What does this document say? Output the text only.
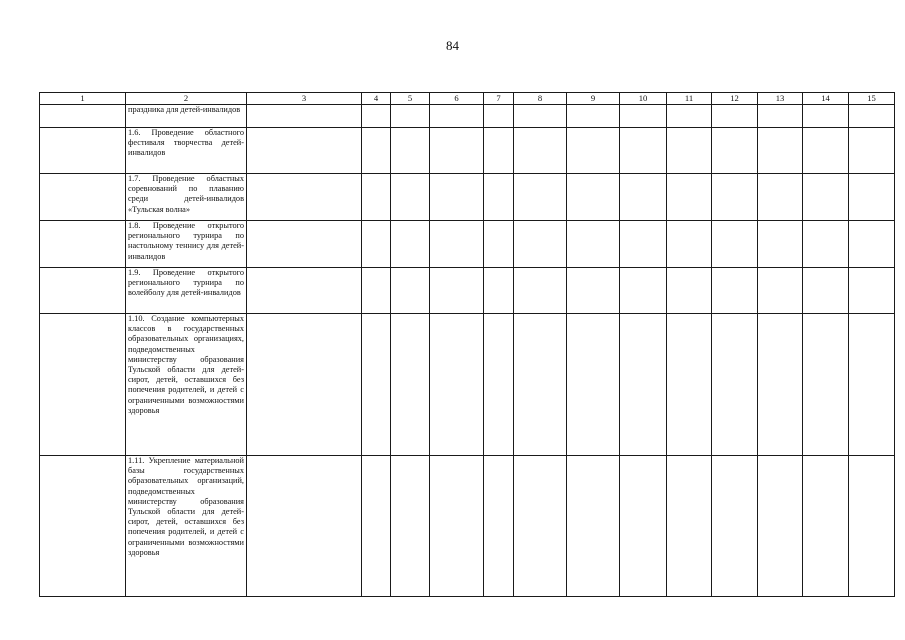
84
1	2	3	4	5	6	7	8	9	10	11	12	13	14	15

	праздника для детей-инвалидов													

	1.6. Проведение областного фестиваля творчества детей-инвалидов													

	1.7. Проведение областных соревнований по плаванию среди детей-инвалидов «Тульская волна»													

	1.8. Проведение открытого регионального турнира по настольному теннису для детей-инвалидов													

	1.9. Проведение открытого регионального турнира по волейболу для детей-инвалидов													

	1.10. Создание компьютерных классов в государственных образовательных организациях, подведомственных министерству образования Тульской области для детей-сирот, детей, оставшихся без попечения родителей, и детей с ограниченными возможностями здоровья													

	1.11. Укрепление материальной базы государственных образовательных организаций, подведомственных министерству образования Тульской области для детей-сирот, детей, оставшихся без попечения родителей, и детей с ограниченными возможностями здоровья													
